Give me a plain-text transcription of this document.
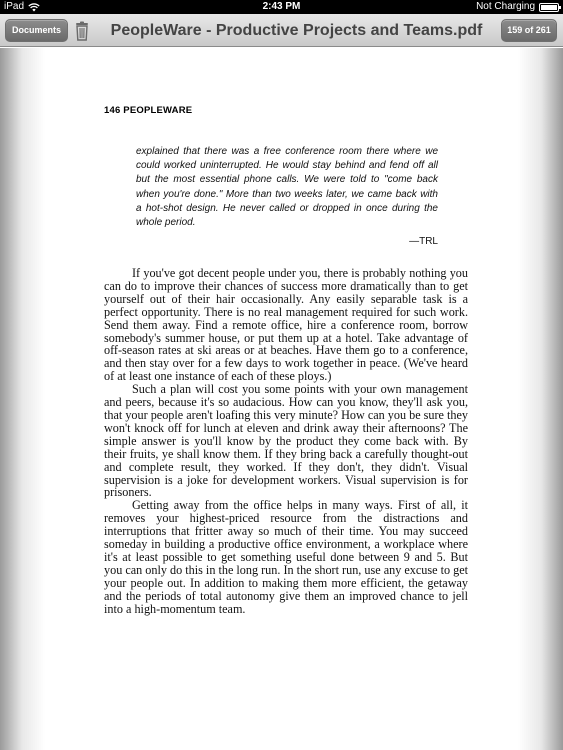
iPad	2:43 PM	Not Charging
Documents	PeopleWare - Productive Projects and Teams.pdf	159 of 261
146 PEOPLEWARE
explained that there was a free conference room there where we could worked uninterrupted. He would stay behind and fend off all but the most essential phone calls. We were told to "come back when you're done." More than two weeks later, we came back with a hot-shot design. He never called or dropped in once during the whole period.
—TRL

If you've got decent people under you, there is probably nothing you can do to improve their chances of success more dramatically than to get yourself out of their hair occasionally. Any easily separable task is a perfect opportunity. There is no real management required for such work. Send them away. Find a remote office, hire a conference room, borrow somebody's summer house, or put them up at a hotel. Take advantage of off-season rates at ski areas or at beaches. Have them go to a conference, and then stay over for a few days to work together in peace. (We've heard of at least one instance of each of these ploys.)

Such a plan will cost you some points with your own management and peers, because it's so audacious. How can you know, they'll ask you, that your people aren't loafing this very minute? How can you be sure they won't knock off for lunch at eleven and drink away their afternoons? The simple answer is you'll know by the product they come back with. By their fruits, ye shall know them. If they bring back a carefully thought-out and complete result, they worked. If they don't, they didn't. Visual supervision is a joke for development workers. Visual supervision is for prisoners.

Getting away from the office helps in many ways. First of all, it removes your highest-priced resource from the distractions and interruptions that fritter away so much of their time. You may succeed someday in building a productive office environment, a workplace where it's at least possible to get something useful done between 9 and 5. But you can only do this in the long run. In the short run, use any excuse to get your people out. In addition to making them more efficient, the getaway and the periods of total autonomy give them an improved chance to jell into a high-momentum team.
